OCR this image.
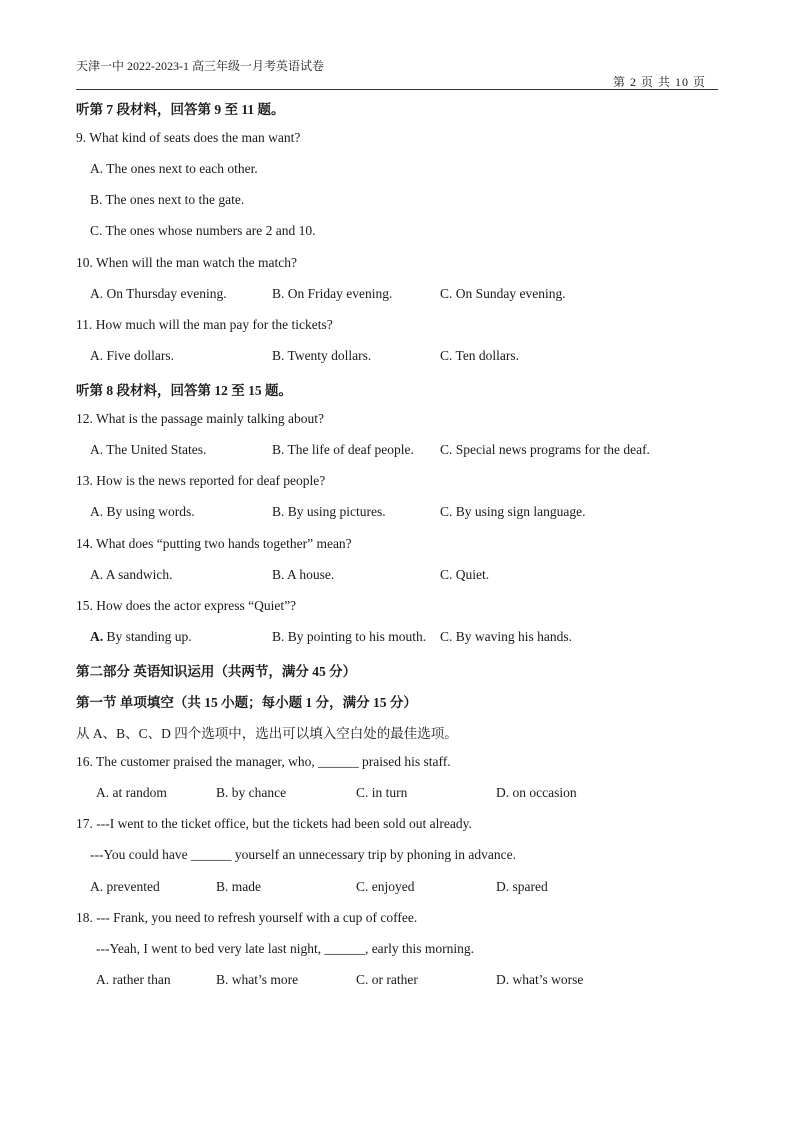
天津一中 2022-2023-1 高三年级一月考英语试卷
第 2 页 共 10 页
听第 7 段材料，回答第 9 至 11 题。
9. What kind of seats does the man want?
A. The ones next to each other.
B. The ones next to the gate.
C. The ones whose numbers are 2 and 10.
10. When will the man watch the match?
A. On Thursday evening.	B. On Friday evening.	C. On Sunday evening.
11. How much will the man pay for the tickets?
A. Five dollars.	B. Twenty dollars.	C. Ten dollars.
听第 8 段材料，回答第 12 至 15 题。
12. What is the passage mainly talking about?
A. The United States.	B. The life of deaf people. C. Special news programs for the deaf.
13. How is the news reported for deaf people?
A. By using words.	B. By using pictures.	C. By using sign language.
14. What does “putting two hands together” mean?
A. A sandwich.	B. A house.	C. Quiet.
15. How does the actor express “Quiet”?
A. By standing up.	B. By pointing to his mouth. C. By waving his hands.
第二部分 英语知识运用（共两节，满分 45 分）
第一节 单项填空（共 15 小题；每小题 1 分，满分 15 分）
从 A、B、C、D 四个选项中，选出可以填入空白处的最佳选项。
16. The customer praised the manager, who, ______ praised his staff.
A. at random	B. by chance	C. in turn	D. on occasion
17. ---I went to the ticket office, but the tickets had been sold out already.
---You could have ______ yourself an unnecessary trip by phoning in advance.
A. prevented	B. made	C. enjoyed	D. spared
18. --- Frank, you need to refresh yourself with a cup of coffee.
---Yeah, I went to bed very late last night, ______, early this morning.
A. rather than	B. what’s more	C. or rather	D. what’s worse
